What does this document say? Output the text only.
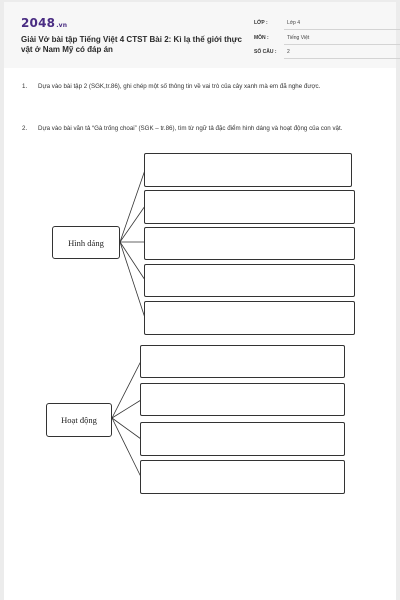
2048.vn
Giải Vở bài tập Tiếng Việt 4 CTST Bài 2: Kì lạ thế giới thực vật ở Nam Mỹ có đáp án
LỚP :	Lớp 4
MÔN :	Tiếng Việt
SỐ CÂU : 2
1. Dựa vào bài tập 2 (SGK,tr.86), ghi chép một số thông tin về vai trò của cây xanh mà em đã nghe được.
2. Dựa vào bài văn tả “Gà trống choai” (SGK – tr.86), tìm từ ngữ tả đặc điểm hình dáng và hoạt động của con vật.
Hình dáng
Hoạt động
